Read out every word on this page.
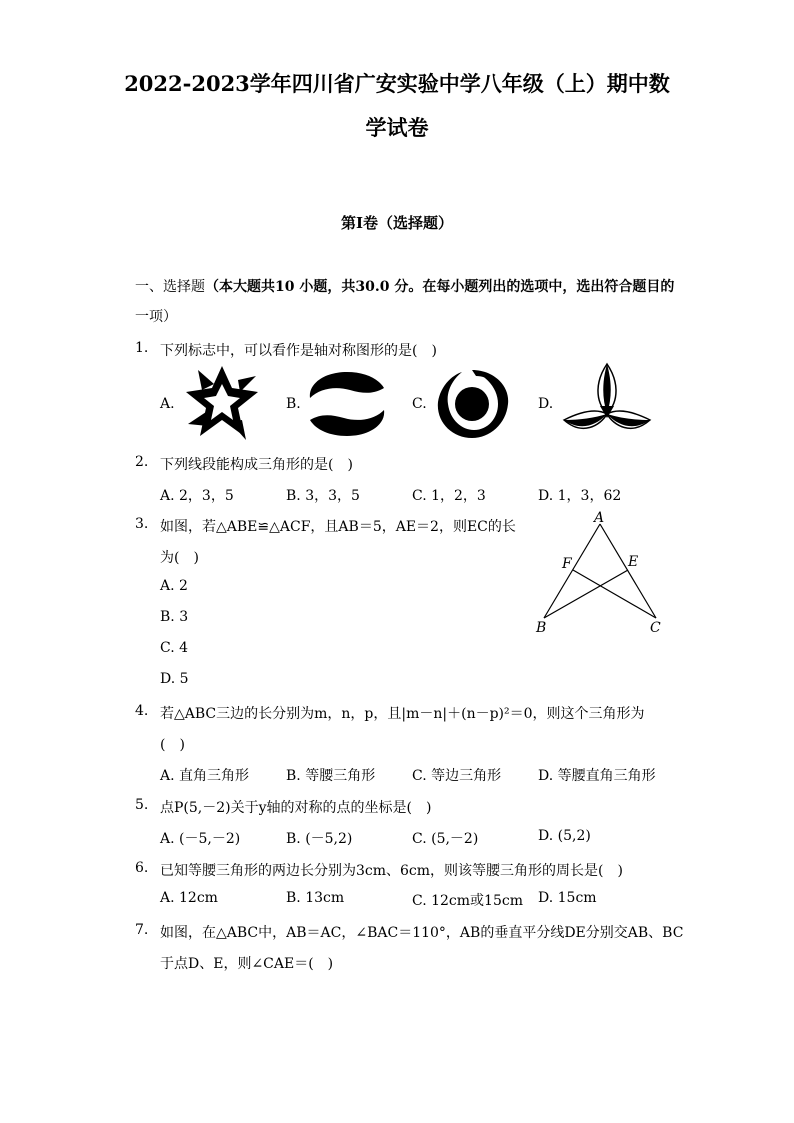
2022-2023学年四川省广安实验中学八年级（上）期中数
学试卷
第Ⅰ卷（选择题）
一、选择题（本大题共10 小题，共30.0 分。在每小题列出的选项中，选出符合题目的
一项）
1. 下列标志中，可以看作是轴对称图形的是(　)
A.	B.	C.	D.
2. 下列线段能构成三角形的是(　)
A. 2，3，5	B. 3，3，5	C. 1，2，3	D. 1，3，62
3. 如图，若△ABE≌△ACF，且AB＝5，AE＝2，则EC的长
为(　)
A. 2
B. 3
C. 4
D. 5
A
F	E
B	C
4. 若△ABC三边的长分别为m，n，p，且|m－n|＋(n－p)²＝0，则这个三角形为
(　)
A. 直角三角形	B. 等腰三角形	C. 等边三角形	D. 等腰直角三角形
5. 点P(5,－2)关于y轴的对称的点的坐标是(　)
A. (－5,－2)	B. (－5,2)	C. (5,－2)	D. (5,2)
6. 已知等腰三角形的两边长分别为3cm、6cm，则该等腰三角形的周长是(　)
A. 12cm	B. 13cm	C. 12cm或15cm D. 15cm
7. 如图，在△ABC中，AB＝AC，∠BAC＝110°，AB的垂直平分线DE分别交AB、BC
于点D、E，则∠CAE＝(　)
